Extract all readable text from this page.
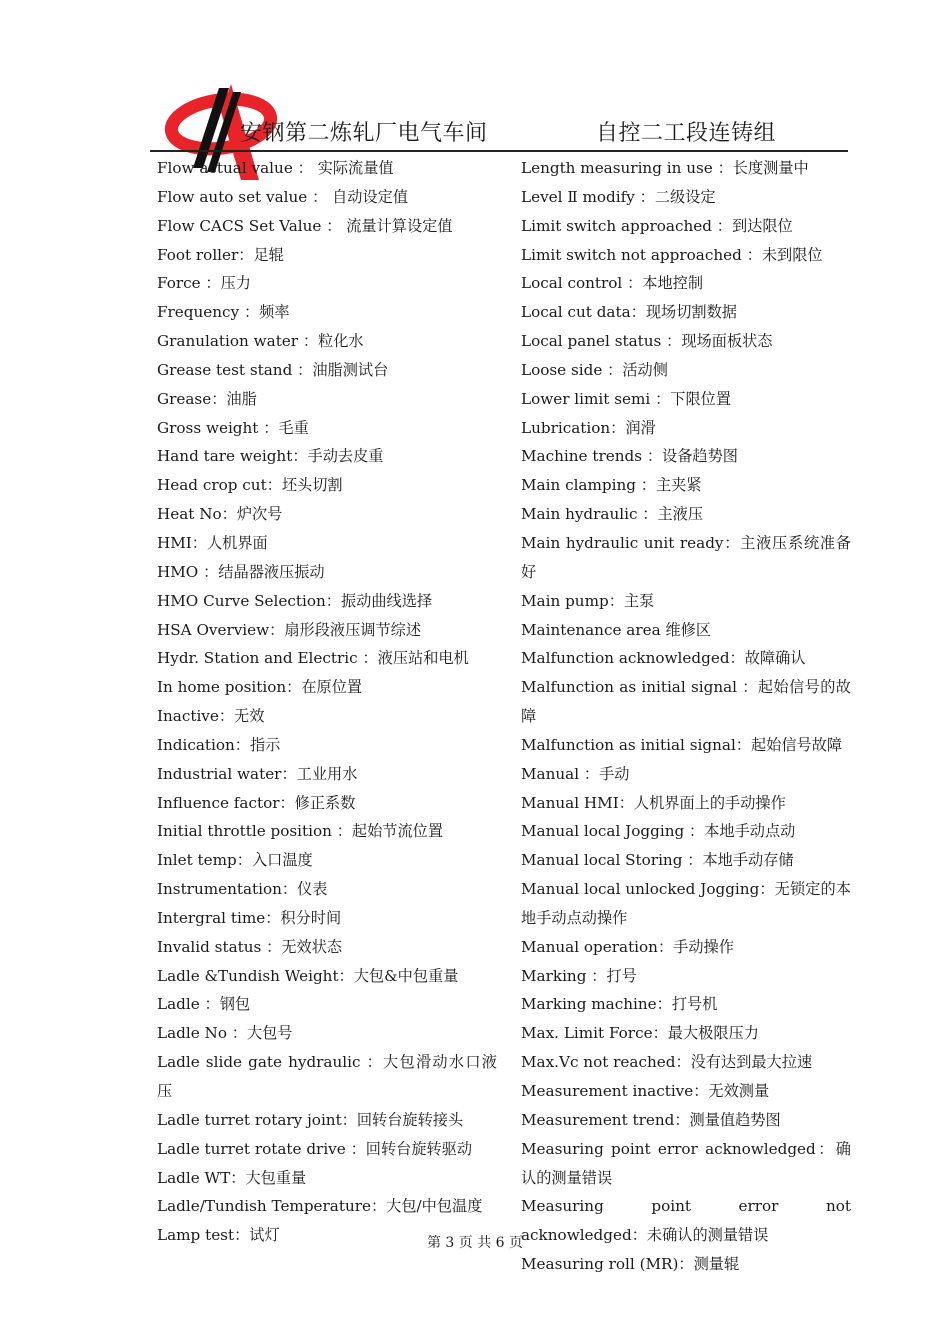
安钢第二炼轧厂电气车间	自控二工段连铸组
Flow actual value ： 实际流量值
Flow auto set value ： 自动设定值
Flow CACS Set Value ： 流量计算设定值
Foot roller：足辊
Force ：压力
Frequency ：频率
Granulation water ：粒化水
Grease test stand ：油脂测试台
Grease：油脂
Gross weight ：毛重
Hand tare weight：手动去皮重
Head crop cut：坯头切割
Heat No：炉次号
HMI：人机界面
HMO ：结晶器液压振动
HMO Curve Selection：振动曲线选择
HSA Overview：扇形段液压调节综述
Hydr. Station and Electric ：液压站和电机
In home position：在原位置
Inactive：无效
Indication：指示
Industrial water：工业用水
Influence factor：修正系数
Initial throttle position ：起始节流位置
Inlet temp：入口温度
Instrumentation：仪表
Intergral time：积分时间
Invalid status ：无效状态
Ladle &Tundish Weight：大包&中包重量
Ladle ：钢包
Ladle No ：大包号
Ladle slide gate hydraulic ：大包滑动水口液压
Ladle turret rotary joint：回转台旋转接头
Ladle turret rotate drive ：回转台旋转驱动
Ladle WT：大包重量
Ladle/Tundish Temperature：大包/中包温度
Lamp test：试灯
Length measuring in use ：长度测量中
Level Ⅱ modify ：二级设定
Limit switch approached ：到达限位
Limit switch not approached ：未到限位
Local control ：本地控制
Local cut data：现场切割数据
Local panel status ：现场面板状态
Loose side ：活动侧
Lower limit semi ：下限位置
Lubrication：润滑
Machine trends ：设备趋势图
Main clamping ：主夹紧
Main hydraulic ：主液压
Main hydraulic unit ready：主液压系统准备好
Main pump：主泵
Maintenance area 维修区
Malfunction acknowledged：故障确认
Malfunction as initial signal ：起始信号的故障
Malfunction as initial signal：起始信号故障
Manual ：手动
Manual HMI：人机界面上的手动操作
Manual local Jogging ：本地手动点动
Manual local Storing ：本地手动存储
Manual local unlocked Jogging：无锁定的本地手动点动操作
Manual operation：手动操作
Marking ：打号
Marking machine：打号机
Max. Limit Force：最大极限压力
Max.Vc not reached：没有达到最大拉速
Measurement inactive：无效测量
Measurement trend：测量值趋势图
Measuring point error acknowledged：确认的测量错误
Measuring point error not acknowledged：未确认的测量错误
Measuring roll (MR)：测量辊
第 3 页 共 6 页
